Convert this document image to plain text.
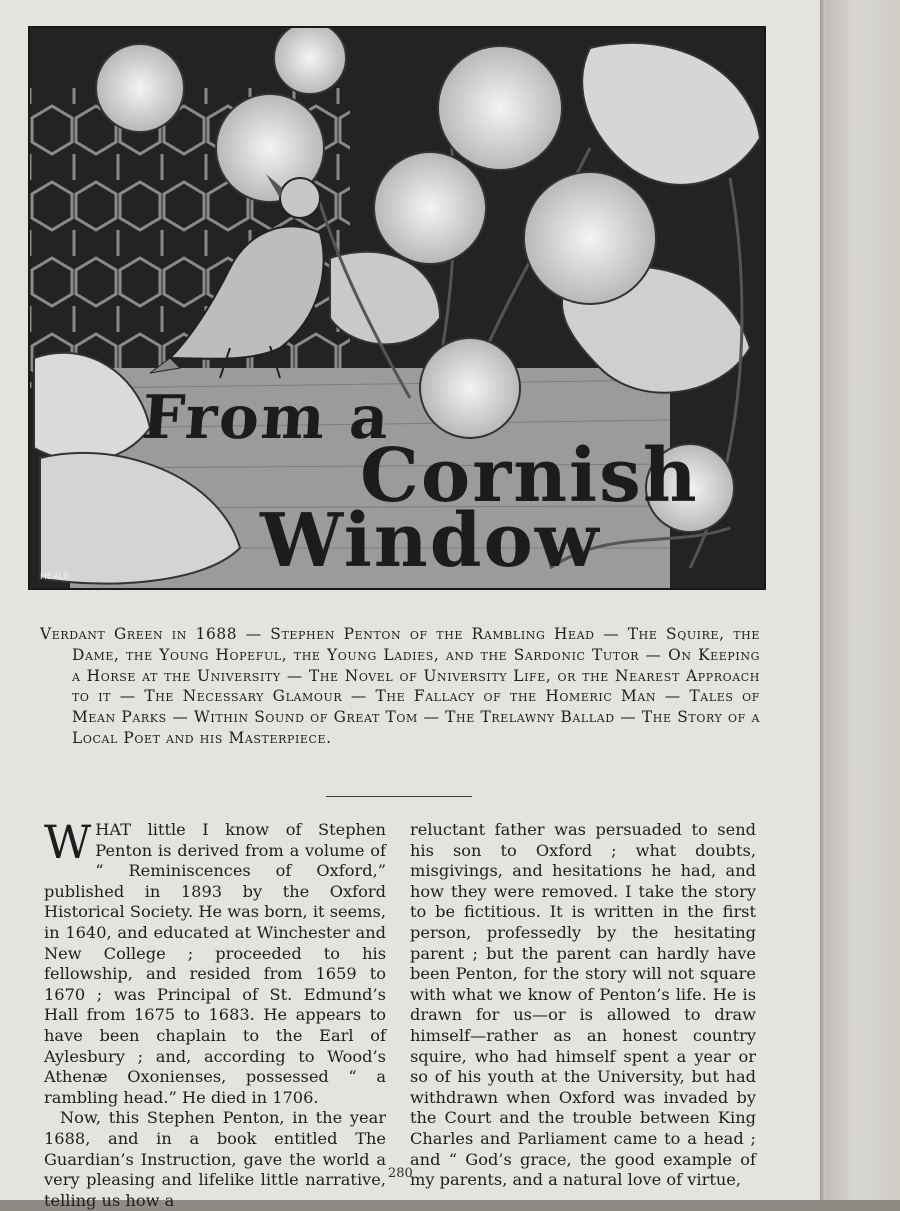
From a
Cornish
Window
HEALE

Verdant Green in 1688 — Stephen Penton of the Rambling Head — The Squire, the Dame, the Young Hopeful, the Young Ladies, and the Sardonic Tutor — On Keeping a Horse at the University — The Novel of University Life, or the Nearest Approach to it — The Necessary Glamour — The Fallacy of the Homeric Man — Tales of Mean Parks — Within Sound of Great Tom — The Trelawny Ballad — The Story of a Local Poet and his Masterpiece.

WHAT little I know of Stephen Penton is derived from a volume of “ Reminiscences of Oxford,” published in 1893 by the Oxford Historical Society. He was born, it seems, in 1640, and educated at Winchester and New College ; proceeded to his fellowship, and resided from 1659 to 1670 ; was Principal of St. Edmund’s Hall from 1675 to 1683. He appears to have been chaplain to the Earl of Aylesbury ; and, according to Wood’s Athenæ Oxonienses, possessed “ a rambling head.” He died in 1706.

Now, this Stephen Penton, in the year 1688, and in a book entitled The Guardian’s Instruction, gave the world a very pleasing and lifelike little narrative, telling us how a

reluctant father was persuaded to send his son to Oxford ; what doubts, misgivings, and hesitations he had, and how they were removed. I take the story to be fictitious. It is written in the first person, professedly by the hesitating parent ; but the parent can hardly have been Penton, for the story will not square with what we know of Penton’s life. He is drawn for us—or is allowed to draw himself—rather as an honest country squire, who had himself spent a year or so of his youth at the University, but had withdrawn when Oxford was invaded by the Court and the trouble between King Charles and Parliament came to a head ; and “ God’s grace, the good example of my parents, and a natural love of virtue,

280
